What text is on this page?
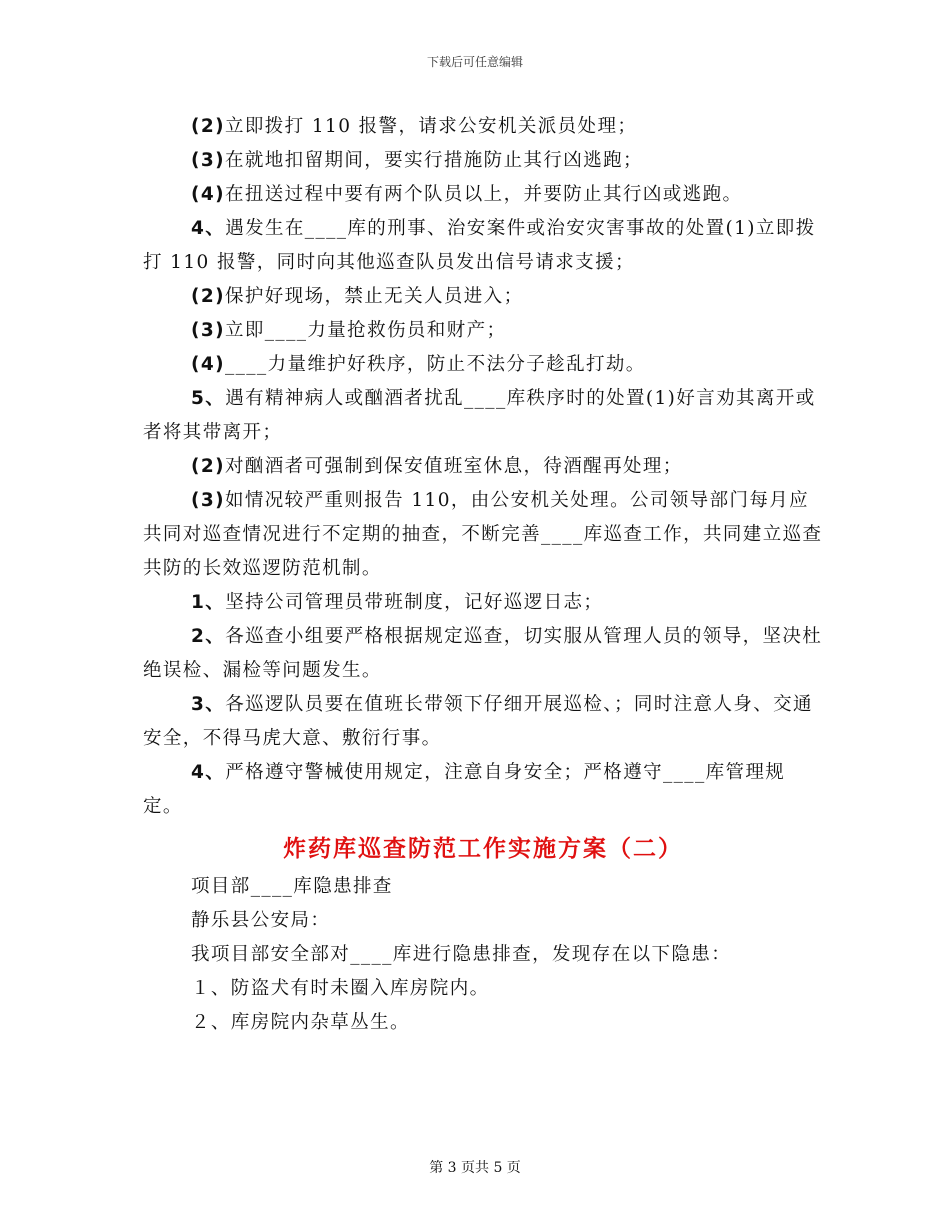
下载后可任意编辑

(2)立即拨打 110 报警，请求公安机关派员处理；

(3)在就地扣留期间，要实行措施防止其行凶逃跑；

(4)在扭送过程中要有两个队员以上，并要防止其行凶或逃跑。

4、遇发生在____库的刑事、治安案件或治安灾害事故的处置(1)立即拨打 110 报警，同时向其他巡查队员发出信号请求支援；

(2)保护好现场，禁止无关人员进入；

(3)立即____力量抢救伤员和财产；

(4)____力量维护好秩序，防止不法分子趁乱打劫。

5、遇有精神病人或酗酒者扰乱____库秩序时的处置(1)好言劝其离开或者将其带离开；

(2)对酗酒者可强制到保安值班室休息，待酒醒再处理；

(3)如情况较严重则报告 110，由公安机关处理。公司领导部门每月应共同对巡查情况进行不定期的抽查，不断完善____库巡查工作，共同建立巡查共防的长效巡逻防范机制。

1、坚持公司管理员带班制度，记好巡逻日志；

2、各巡查小组要严格根据规定巡查，切实服从管理人员的领导，坚决杜绝误检、漏检等问题发生。

3、各巡逻队员要在值班长带领下仔细开展巡检、；同时注意人身、交通安全，不得马虎大意、敷衍行事。

4、严格遵守警械使用规定，注意自身安全；严格遵守____库管理规定。

炸药库巡查防范工作实施方案（二）

项目部____库隐患排查

静乐县公安局：

我项目部安全部对____库进行隐患排查，发现存在以下隐患：

１、防盗犬有时未圈入库房院内。

２、库房院内杂草丛生。

第 3 页共 5 页
